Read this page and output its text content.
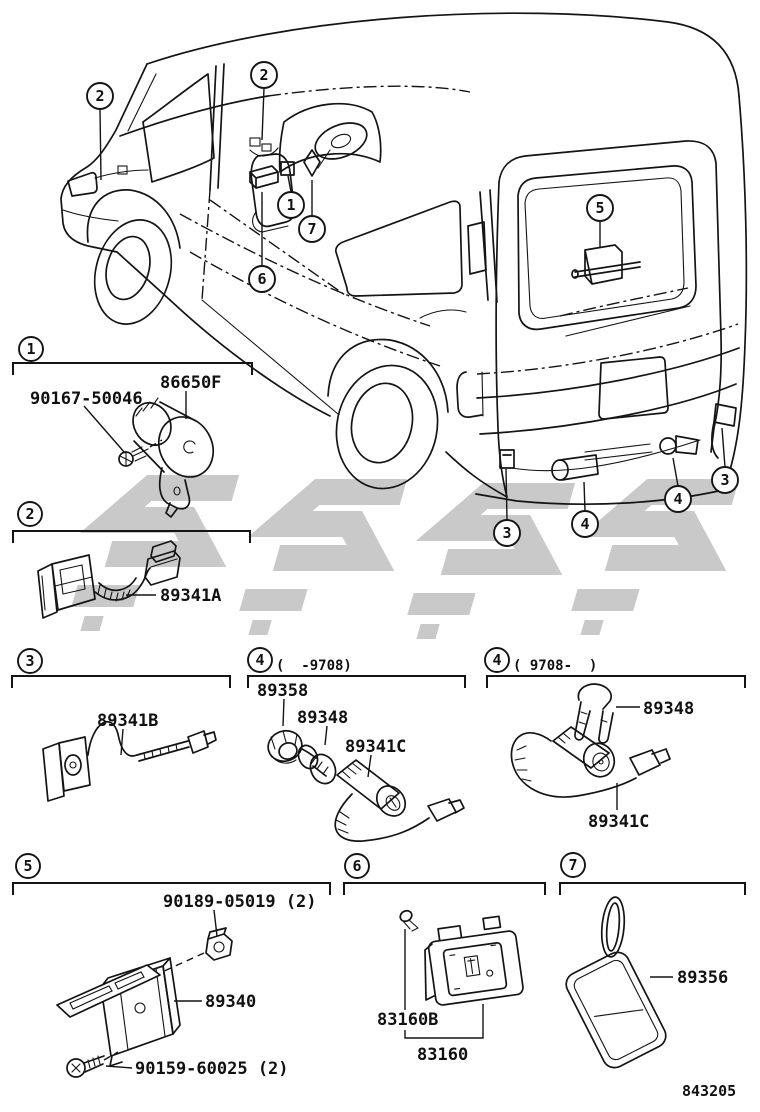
2
2
1
7
6
5
3	4
4
3
1
90167-50046
86650F
2
89341A
3
89341B
4 (  -9708)
89358
89348
89341C
4 ( 9708-  )
89348
89341C
5
90189-05019 (2)
89340
90159-60025 (2)
6
83160B
83160
7
89356
843205
